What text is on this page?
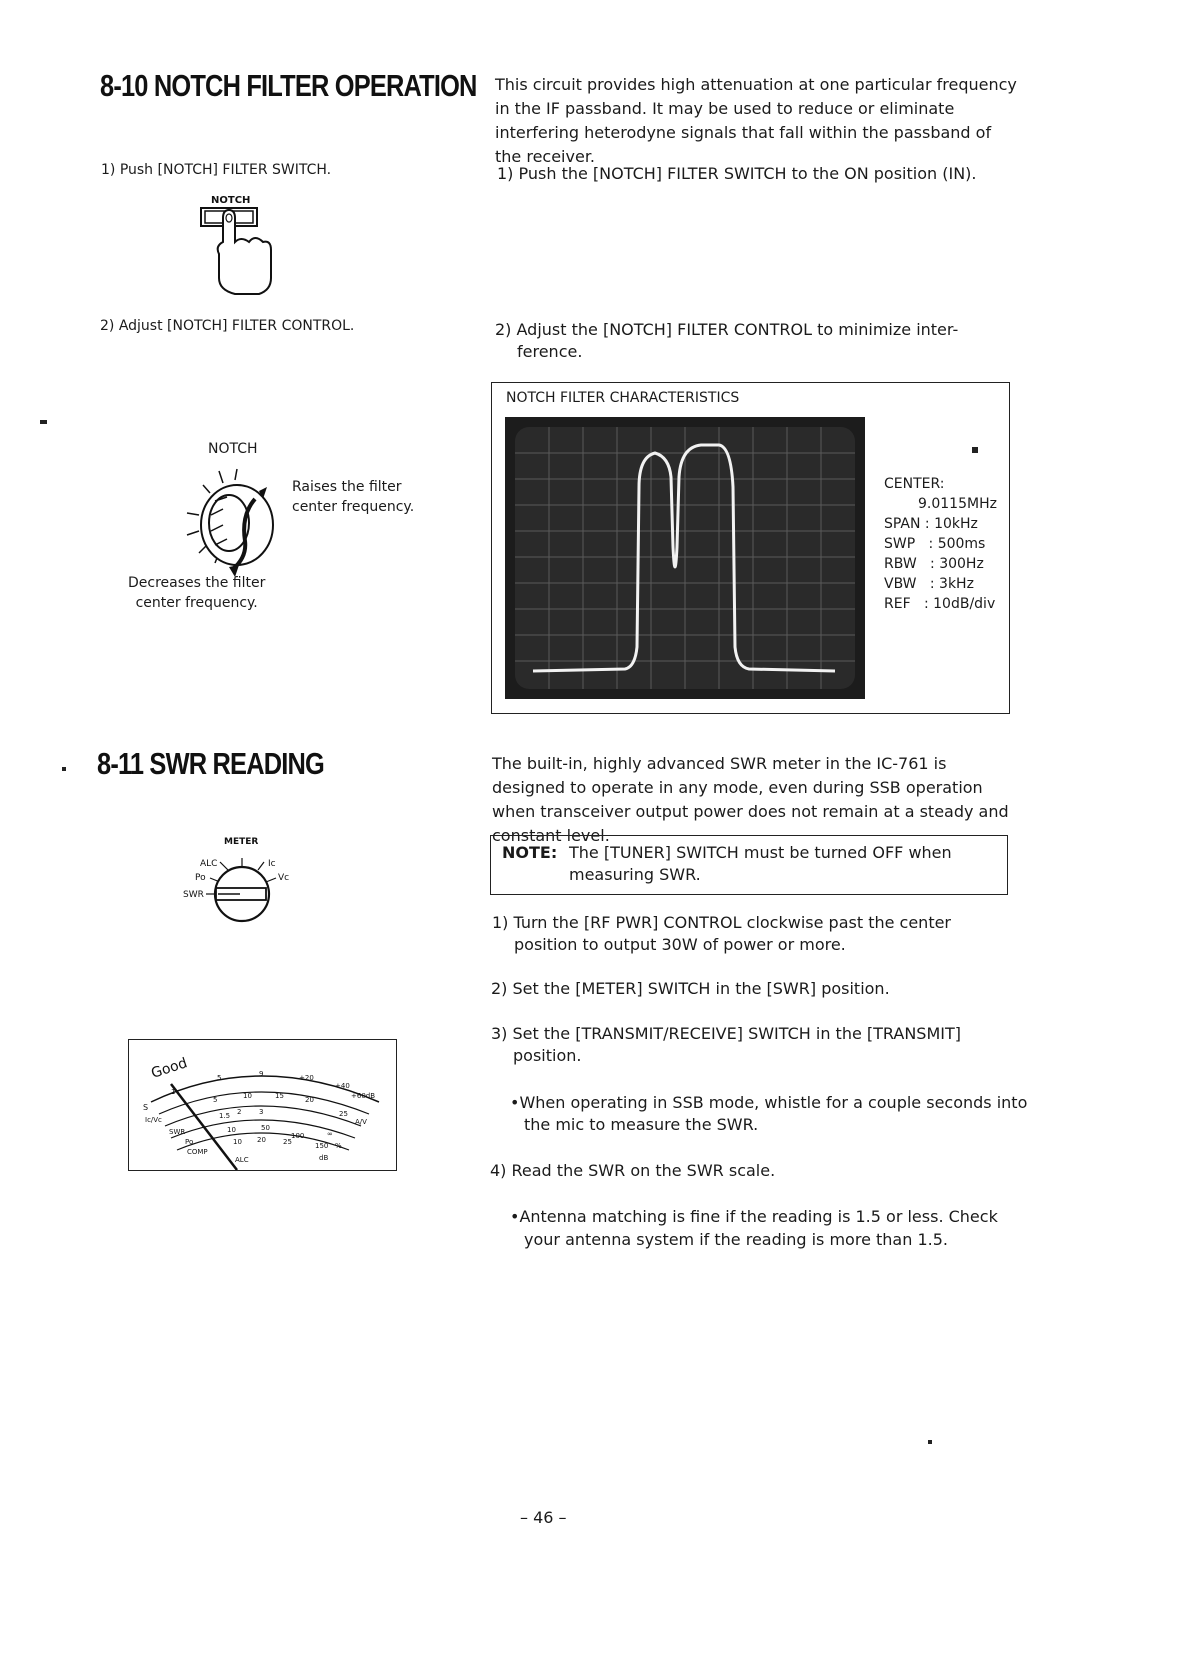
8-10 NOTCH FILTER OPERATION This circuit provides high attenuation at one particular frequency in the IF passband. It may be used to reduce or eliminate interfering heterodyne signals that fall within the passband of the receiver.
1) Push [NOTCH] FILTER SWITCH.	1) Push the [NOTCH] FILTER SWITCH to the ON position (IN).
NOTCH
2) Adjust [NOTCH] FILTER CONTROL.	2) Adjust the [NOTCH] FILTER CONTROL to minimize inter-
ference.
NOTCH
Raises the filter
center frequency.
Decreases the filter
center frequency.
NOTCH FILTER CHARACTERISTICS
CENTER:
9.0115MHz
SPAN : 10kHz
SWP   : 500ms
RBW   : 300Hz
VBW   : 3kHz
REF   : 10dB/div
8-11 SWR READING	The built-in, highly advanced SWR meter in the IC-761 is designed to operate in any mode, even during SSB operation when transceiver output power does not remain at a steady and constant level.
NOTE: The [TUNER] SWITCH must be turned OFF when
measuring SWR.
METER
ALC	Ic
Po	Vc
SWR
Good
S
Ic/Vc
SWR
Po
COMP
ALC
1
5	9	+20
+40
+60dB
5	10	15	20
25
A/V
1.5 2	3
∞
10	50
100
150 %
10 20 25
dB
1) Turn the [RF PWR] CONTROL clockwise past the center
position to output 30W of power or more.
2) Set the [METER] SWITCH in the [SWR] position.
3) Set the [TRANSMIT/RECEIVE] SWITCH in the [TRANSMIT]
position.
•When operating in SSB mode, whistle for a couple seconds into
the mic to measure the SWR.
4) Read the SWR on the SWR scale.
•Antenna matching is fine if the reading is 1.5 or less. Check
your antenna system if the reading is more than 1.5.
– 46 –
